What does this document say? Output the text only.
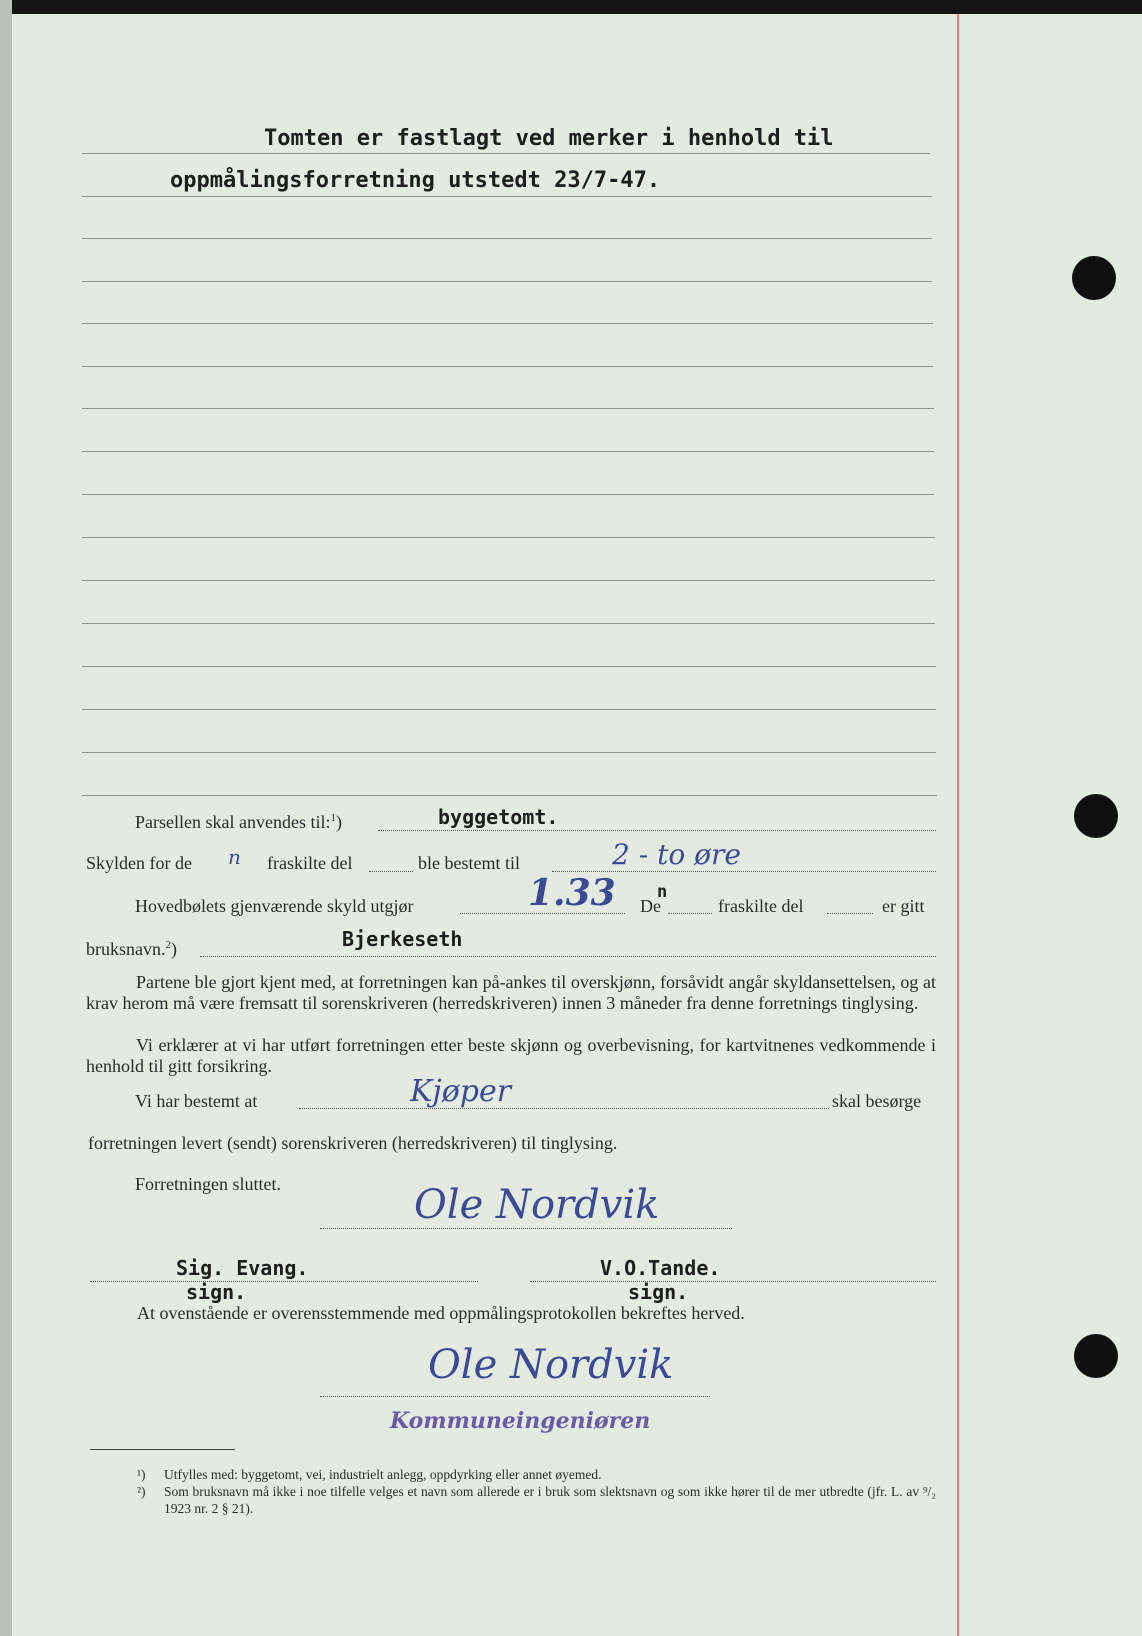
Tomten er fastlagt ved merker i henhold til
oppmålingsforretning utstedt 23/7-47.
Parsellen skal anvendes til:$^1$)	byggetomt.
Skylden for de n fraskilte del	ble bestemt til	2 - to øre
Hovedbølets gjenværende skyld utgjør	1.33 De
n
fraskilte del	er gitt
bruksnavn.$^2$)	Bjerkeseth
Partene ble gjort kjent med, at forretningen kan på-ankes til overskjønn, forsåvidt angår skyldansettelsen, og at krav herom må være fremsatt til sorenskriveren (herredskriveren) innen 3 måneder fra denne forretnings tinglysing.
Vi erklærer at vi har utført forretningen etter beste skjønn og overbevisning, for kartvitnenes vedkommende i henhold til gitt forsikring.
Vi har bestemt at	Kjøper	skal besørge
forretningen levert (sendt) sorenskriveren (herredskriveren) til tinglysing.
Forretningen sluttet.	Ole Nordvik
Sig. Evang.
sign.
V.O.Tande.
sign.
At ovenstående er overensstemmende med oppmålingsprotokollen bekreftes herved.
Ole Nordvik
Kommuneingeniøren
¹)	Utfylles med: byggetomt, vei, industrielt anlegg, oppdyrking eller annet øyemed.
²)	Som bruksnavn må ikke i noe tilfelle velges et navn som allerede er i bruk som slektsnavn og som ikke hører til de mer utbredte (jfr. L. av ⁹/₂ 1923 nr. 2 § 21).
